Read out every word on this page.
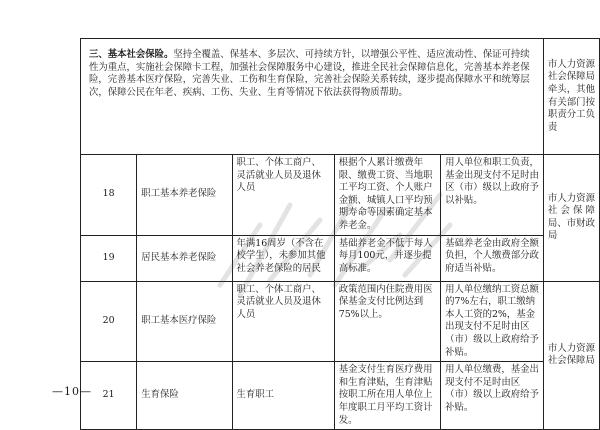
三、基本社会保险。坚持全覆盖、保基本、多层次、可持续方针，以增强公平性、适应流动性、保证可持续性为重点，实施社会保障卡工程，加强社会保障服务中心建设，推进全民社会保障信息化，完善基本养老保险，完善基本医疗保险，完善失业、工伤和生育保险，完善社会保险关系转续，逐步提高保障水平和统筹层次，保障公民在年老、疾病、工伤、失业、生育等情况下依法获得物质帮助。					市人力资源社会保障局牵头，其他有关部门按职责分工负责
18	职工基本养老保险	职工、个体工商户、灵活就业人员及退休人员	根据个人累计缴费年限、缴费工资、当地职工平均工资、个人账户金额、城镇人口平均预期寿命等因素确定基本养老金。	用人单位和职工负责，基金出现支付不足时由区（市）级以上政府予以补贴。	市人力资源社会保障局、市财政局
19	居民基本养老保险	年满16周岁（不含在校学生），未参加其他社会养老保险的居民	基础养老金不低于每人每月100元，并逐步提高标准。	基础养老金由政府全额负担，个人缴费部分政府适当补贴。	
20	职工基本医疗保险	职工、个体工商户、灵活就业人员及退休人员	政策范围内住院费用医保基金支付比例达到75%以上。	用人单位缴纳工资总额的7%左右，职工缴纳本人工资的2%，基金出现支付不足时由区（市）级以上政府给予补贴。	市人力资源社会保障局
21	生育保险	生育职工	基金支付生育医疗费用和生育津贴，生育津贴按职工所在用人单位上年度职工月平均工资计发。	用人单位缴费，基金出现支付不足时由区（市）级以上政府给予补贴。	
—10—
